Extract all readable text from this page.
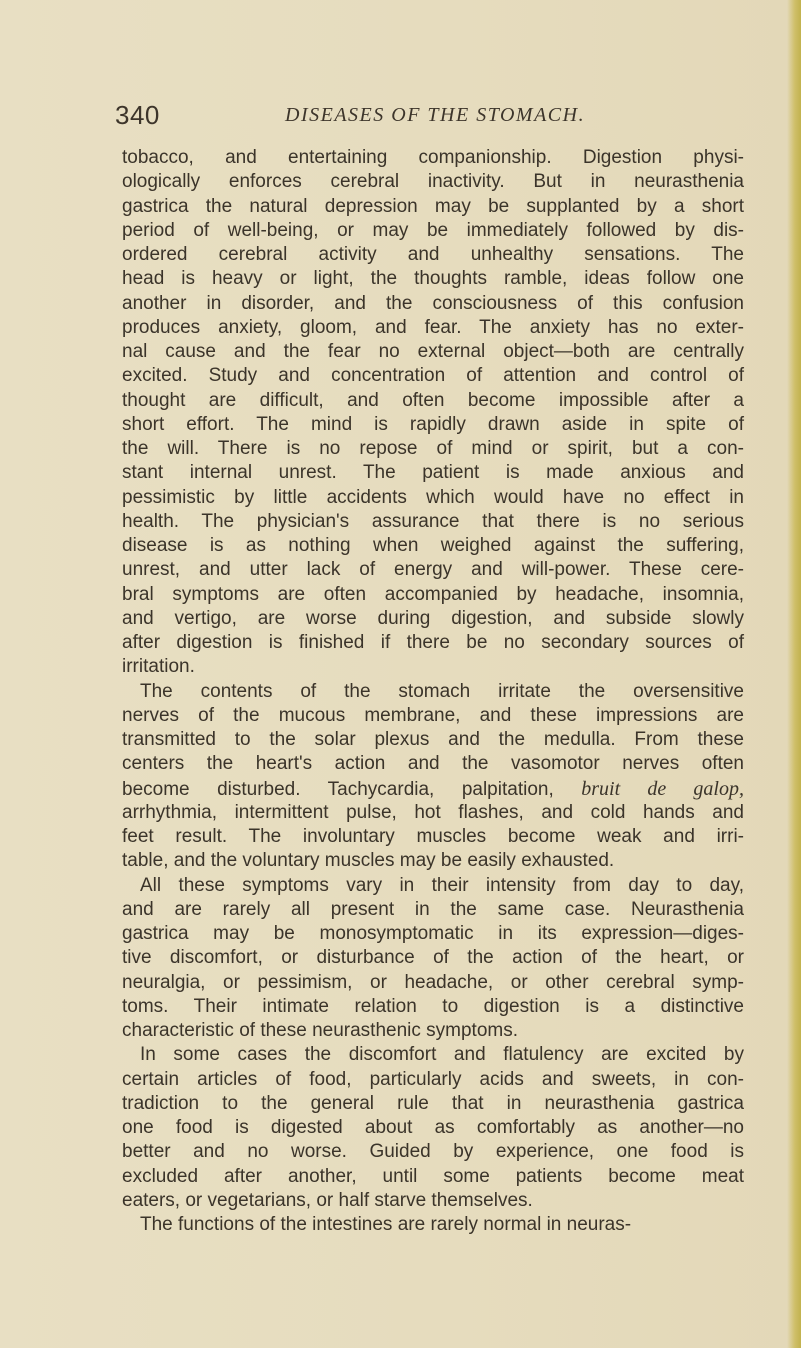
340	DISEASES OF THE STOMACH.
tobacco, and entertaining companionship. Digestion physi-
ologically enforces cerebral inactivity. But in neurasthenia
gastrica the natural depression may be supplanted by a short
period of well-being, or may be immediately followed by dis-
ordered cerebral activity and unhealthy sensations. The
head is heavy or light, the thoughts ramble, ideas follow one
another in disorder, and the consciousness of this confusion
produces anxiety, gloom, and fear. The anxiety has no exter-
nal cause and the fear no external object—both are centrally
excited. Study and concentration of attention and control of
thought are difficult, and often become impossible after a
short effort. The mind is rapidly drawn aside in spite of
the will. There is no repose of mind or spirit, but a con-
stant internal unrest. The patient is made anxious and
pessimistic by little accidents which would have no effect in
health. The physician's assurance that there is no serious
disease is as nothing when weighed against the suffering,
unrest, and utter lack of energy and will-power. These cere-
bral symptoms are often accompanied by headache, insomnia,
and vertigo, are worse during digestion, and subside slowly
after digestion is finished if there be no secondary sources of
irritation.
The contents of the stomach irritate the oversensitive
nerves of the mucous membrane, and these impressions are
transmitted to the solar plexus and the medulla. From these
centers the heart's action and the vasomotor nerves often
become disturbed. Tachycardia, palpitation, bruit de galop,
arrhythmia, intermittent pulse, hot flashes, and cold hands and
feet result. The involuntary muscles become weak and irri-
table, and the voluntary muscles may be easily exhausted.
All these symptoms vary in their intensity from day to day,
and are rarely all present in the same case. Neurasthenia
gastrica may be monosymptomatic in its expression—diges-
tive discomfort, or disturbance of the action of the heart, or
neuralgia, or pessimism, or headache, or other cerebral symp-
toms. Their intimate relation to digestion is a distinctive
characteristic of these neurasthenic symptoms.
In some cases the discomfort and flatulency are excited by
certain articles of food, particularly acids and sweets, in con-
tradiction to the general rule that in neurasthenia gastrica
one food is digested about as comfortably as another—no
better and no worse. Guided by experience, one food is
excluded after another, until some patients become meat
eaters, or vegetarians, or half starve themselves.
The functions of the intestines are rarely normal in neuras-
